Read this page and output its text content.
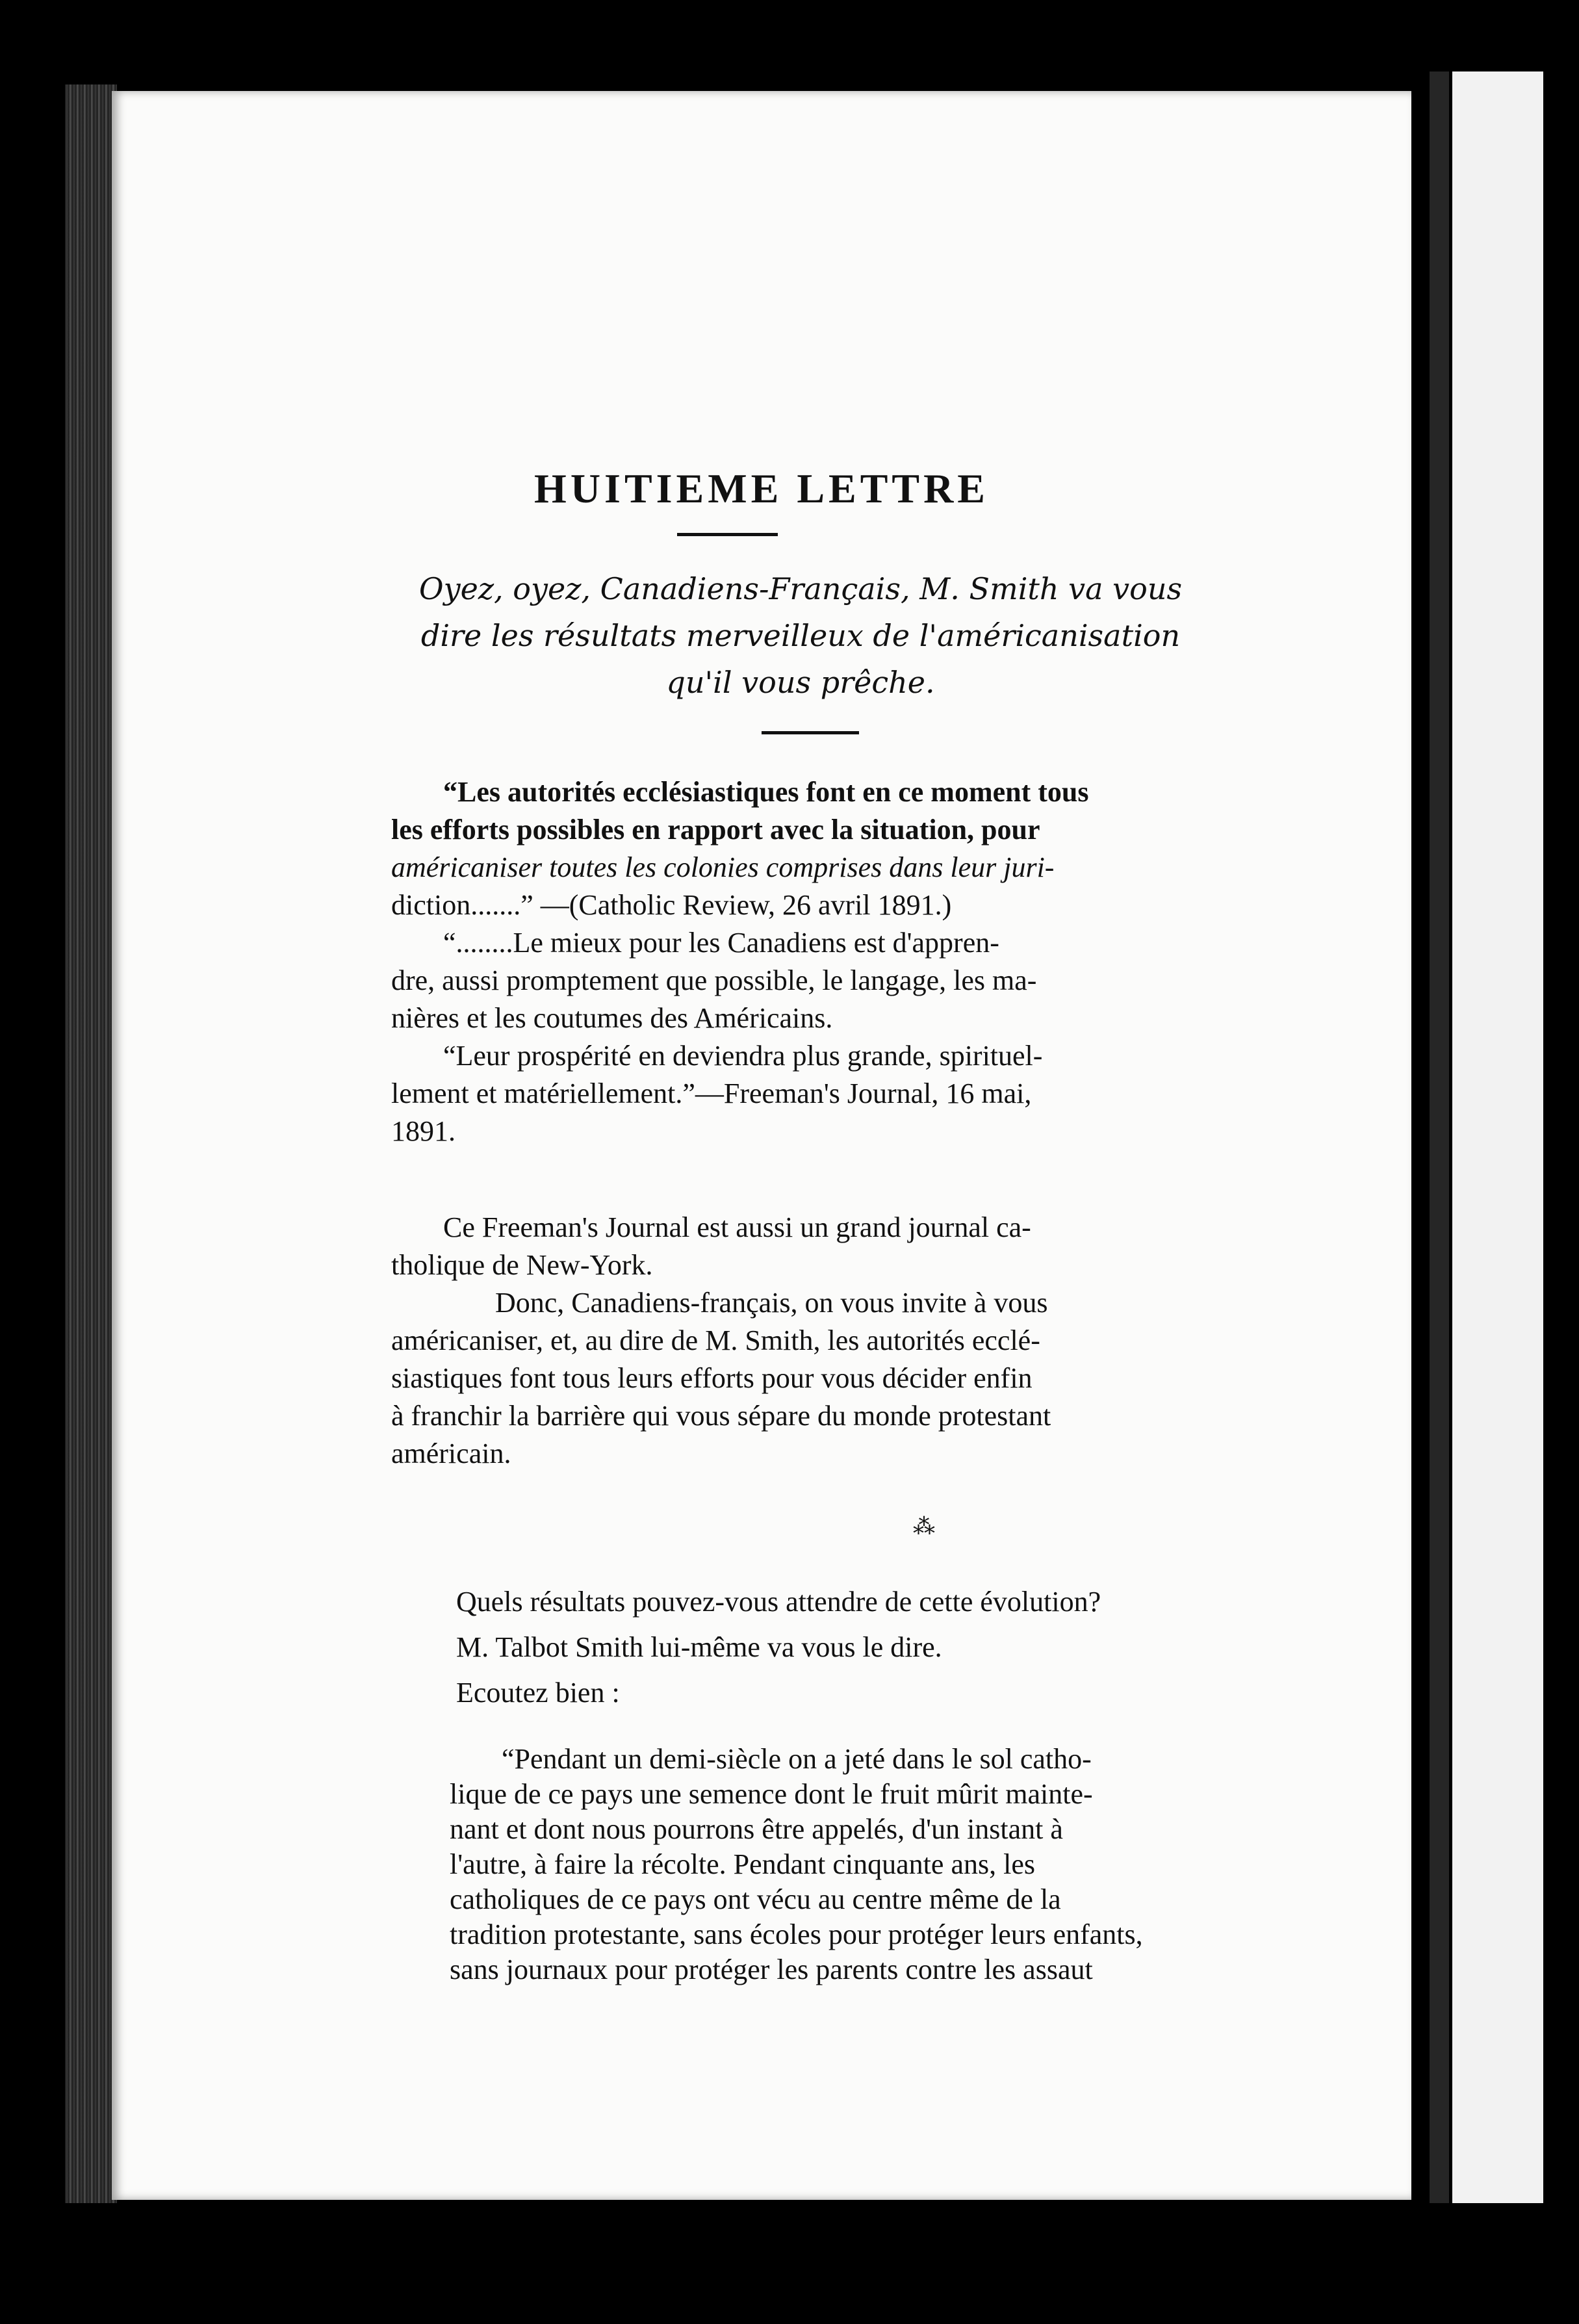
HUITIEME LETTRE
Oyez, oyez, Canadiens-Français, M. Smith va vous dire les résultats merveilleux de l'américanisation qu'il vous prêche.

“Les autorités ecclésiastiques font en ce moment tous

les efforts possibles en rapport avec la situation, pour

américaniser toutes les colonies comprises dans leur juri-

diction.......” —(Catholic Review, 26 avril 1891.)

“........Le mieux pour les Canadiens est d'appren-

dre, aussi promptement que possible, le langage, les ma-

nières et les coutumes des Américains.

“Leur prospérité en deviendra plus grande, spirituel-

lement et matériellement.”—Freeman's Journal, 16 mai,

1891.

Ce Freeman's Journal est aussi un grand journal ca-

tholique de New-York.

Donc, Canadiens-français, on vous invite à vous

américaniser, et, au dire de M. Smith, les autorités ecclé-

siastiques font tous leurs efforts pour vous décider enfin

à franchir la barrière qui vous sépare du monde protestant

américain.

⁂

Quels résultats pouvez-vous attendre de cette évolution?

M. Talbot Smith lui-même va vous le dire.

Ecoutez bien :

“Pendant un demi-siècle on a jeté dans le sol catho-

lique de ce pays une semence dont le fruit mûrit mainte-

nant et dont nous pourrons être appelés, d'un instant à

l'autre, à faire la récolte. Pendant cinquante ans, les

catholiques de ce pays ont vécu au centre même de la

tradition protestante, sans écoles pour protéger leurs enfants,

sans journaux pour protéger les parents contre les assaut
